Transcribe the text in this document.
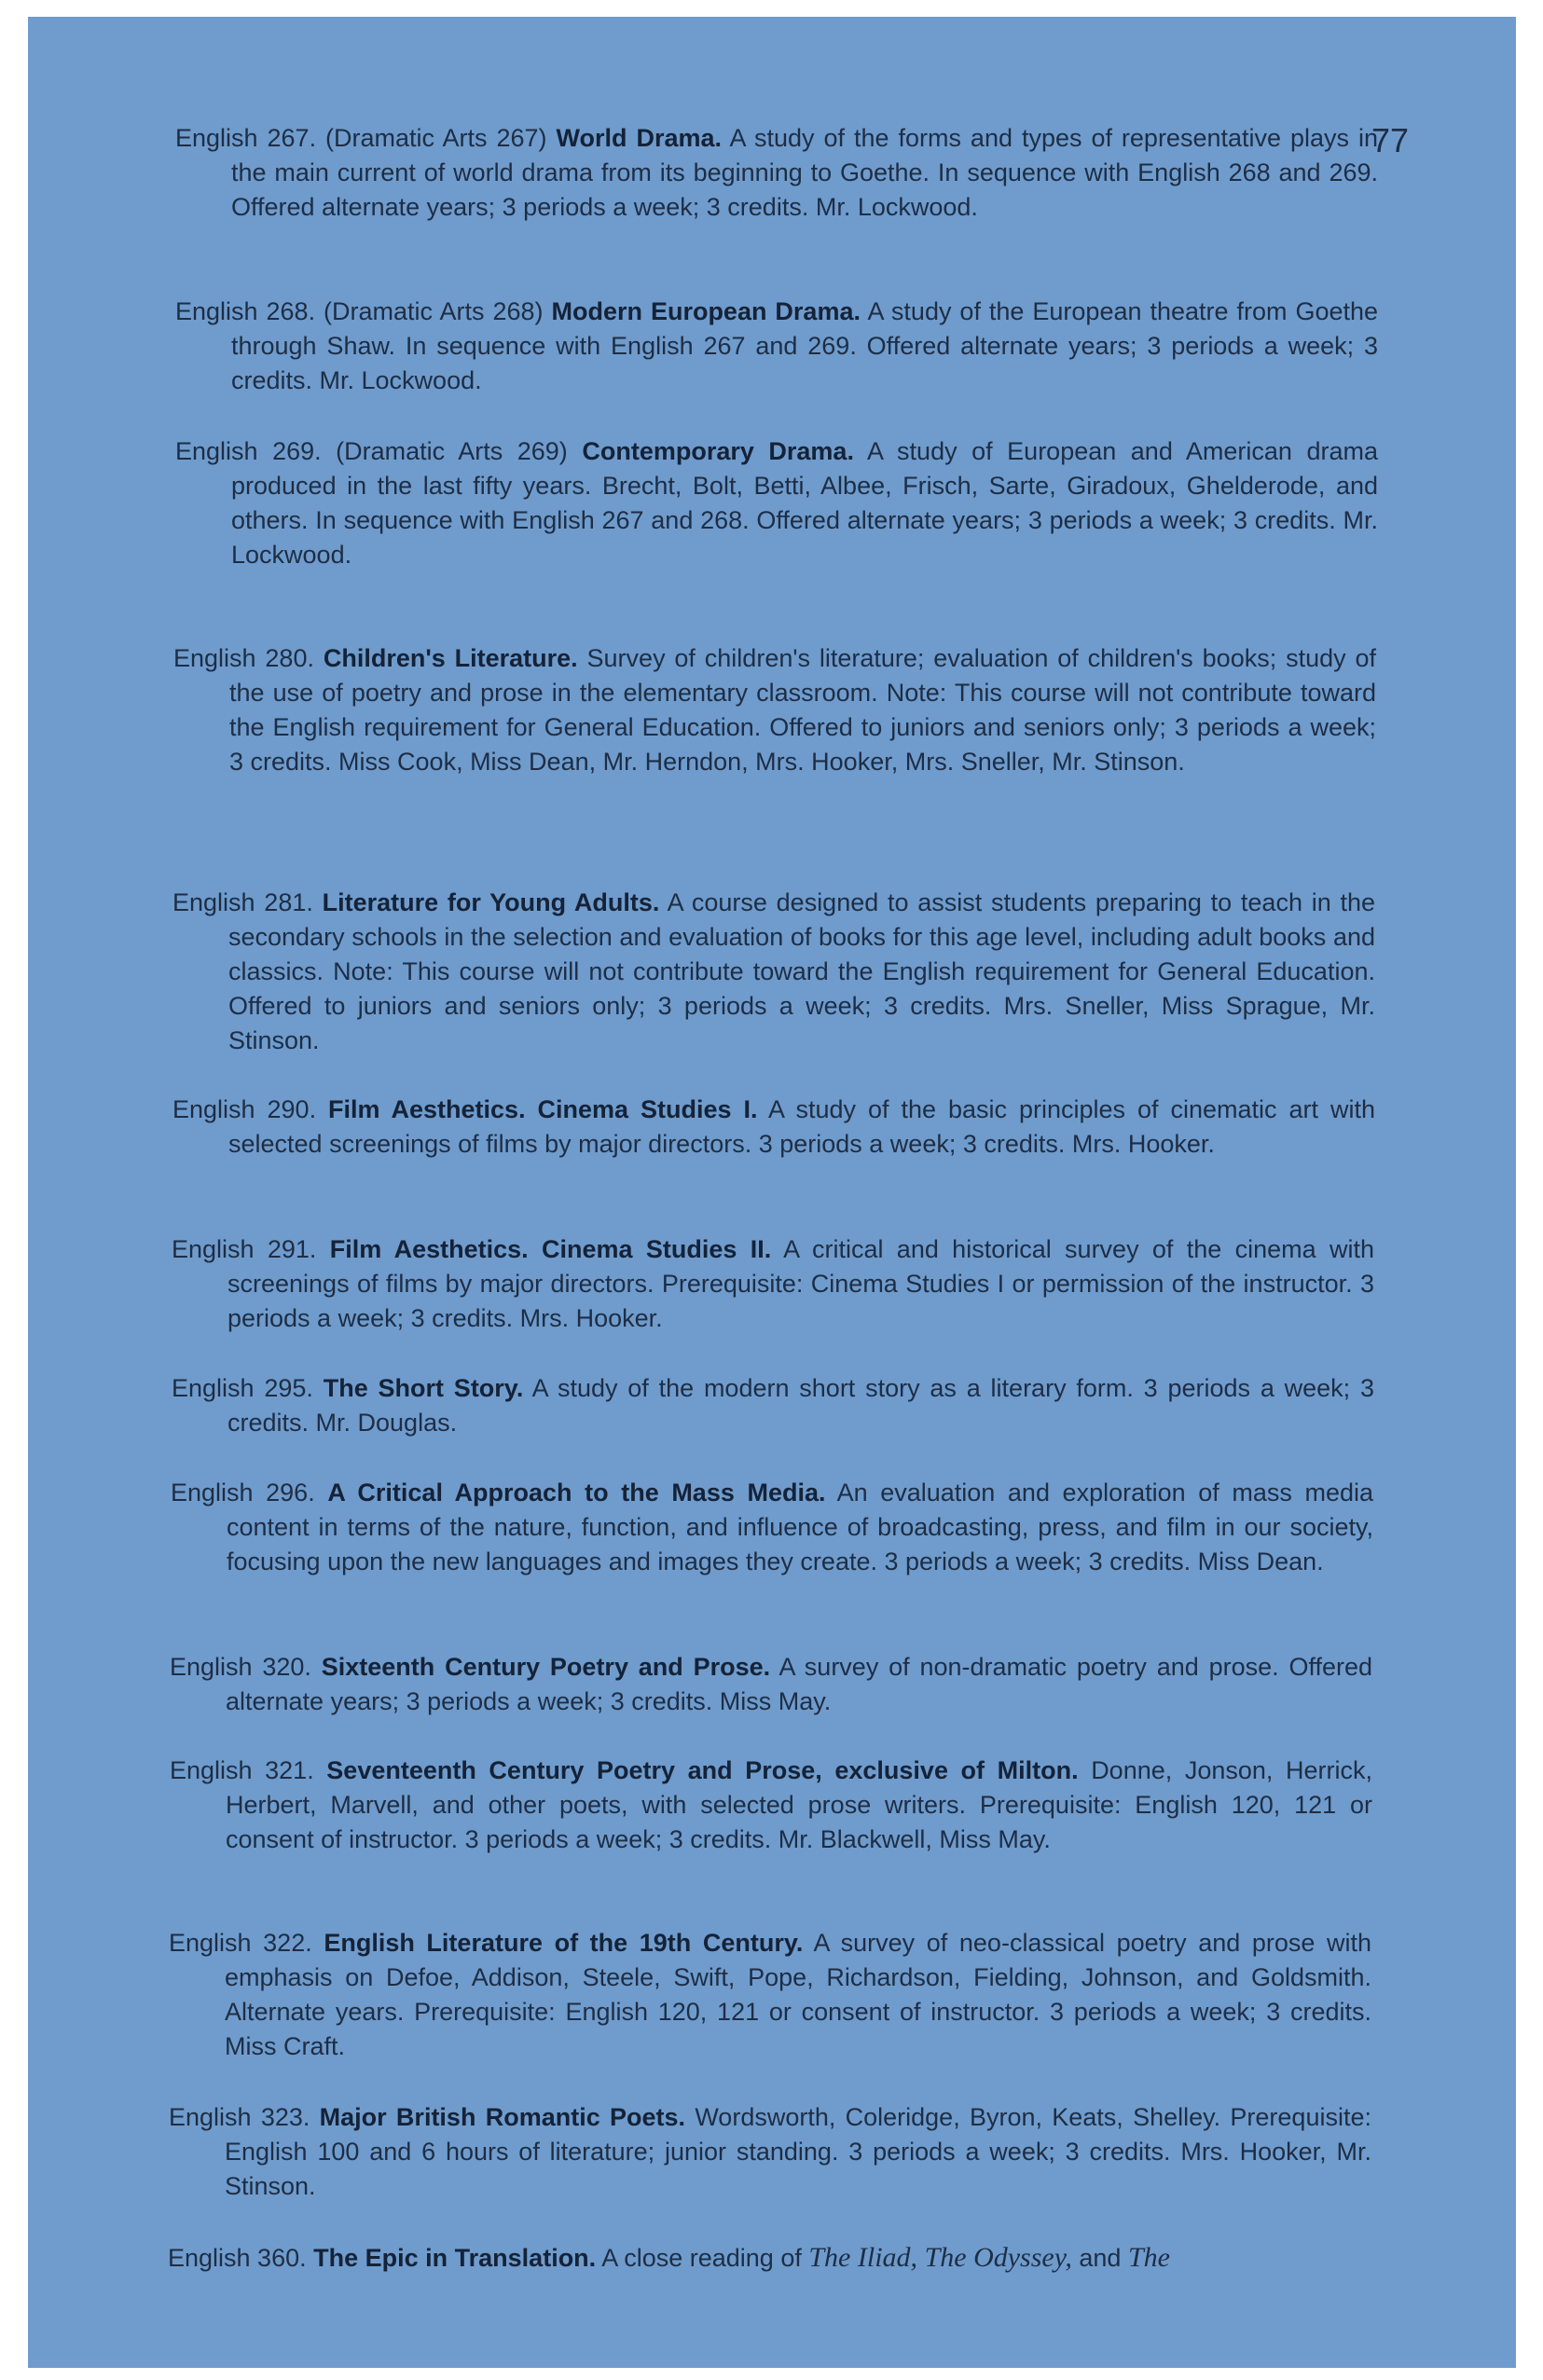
77

English 267. (Dramatic Arts 267) World Drama. A study of the forms and types of representative plays in the main current of world drama from its beginning to Goethe. In sequence with English 268 and 269. Offered alternate years; 3 periods a week; 3 credits. Mr. Lockwood.

English 268. (Dramatic Arts 268) Modern European Drama. A study of the European theatre from Goethe through Shaw. In sequence with English 267 and 269. Offered alternate years; 3 periods a week; 3 credits. Mr. Lockwood.

English 269. (Dramatic Arts 269) Contemporary Drama. A study of European and American drama produced in the last fifty years. Brecht, Bolt, Betti, Albee, Frisch, Sarte, Giradoux, Ghelderode, and others. In sequence with English 267 and 268. Offered alternate years; 3 periods a week; 3 credits. Mr. Lockwood.

English 280. Children's Literature. Survey of children's literature; evaluation of children's books; study of the use of poetry and prose in the elementary classroom. Note: This course will not contribute toward the English requirement for General Education. Offered to juniors and seniors only; 3 periods a week; 3 credits. Miss Cook, Miss Dean, Mr. Herndon, Mrs. Hooker, Mrs. Sneller, Mr. Stinson.

English 281. Literature for Young Adults. A course designed to assist students preparing to teach in the secondary schools in the selection and evaluation of books for this age level, including adult books and classics. Note: This course will not contribute toward the English requirement for General Education. Offered to juniors and seniors only; 3 periods a week; 3 credits. Mrs. Sneller, Miss Sprague, Mr. Stinson.

English 290. Film Aesthetics. Cinema Studies I. A study of the basic principles of cinematic art with selected screenings of films by major directors. 3 periods a week; 3 credits. Mrs. Hooker.

English 291. Film Aesthetics. Cinema Studies II. A critical and historical survey of the cinema with screenings of films by major directors. Prerequisite: Cinema Studies I or permission of the instructor. 3 periods a week; 3 credits. Mrs. Hooker.

English 295. The Short Story. A study of the modern short story as a literary form. 3 periods a week; 3 credits. Mr. Douglas.

English 296. A Critical Approach to the Mass Media. An evaluation and exploration of mass media content in terms of the nature, function, and influence of broadcasting, press, and film in our society, focusing upon the new languages and images they create. 3 periods a week; 3 credits. Miss Dean.

English 320. Sixteenth Century Poetry and Prose. A survey of non-dramatic poetry and prose. Offered alternate years; 3 periods a week; 3 credits. Miss May.

English 321. Seventeenth Century Poetry and Prose, exclusive of Milton. Donne, Jonson, Herrick, Herbert, Marvell, and other poets, with selected prose writers. Prerequisite: English 120, 121 or consent of instructor. 3 periods a week; 3 credits. Mr. Blackwell, Miss May.

English 322. English Literature of the 19th Century. A survey of neo-classical poetry and prose with emphasis on Defoe, Addison, Steele, Swift, Pope, Richardson, Fielding, Johnson, and Goldsmith. Alternate years. Prerequisite: English 120, 121 or consent of instructor. 3 periods a week; 3 credits. Miss Craft.

English 323. Major British Romantic Poets. Wordsworth, Coleridge, Byron, Keats, Shelley. Prerequisite: English 100 and 6 hours of literature; junior standing. 3 periods a week; 3 credits. Mrs. Hooker, Mr. Stinson.

English 360. The Epic in Translation. A close reading of The Iliad, The Odyssey, and The
